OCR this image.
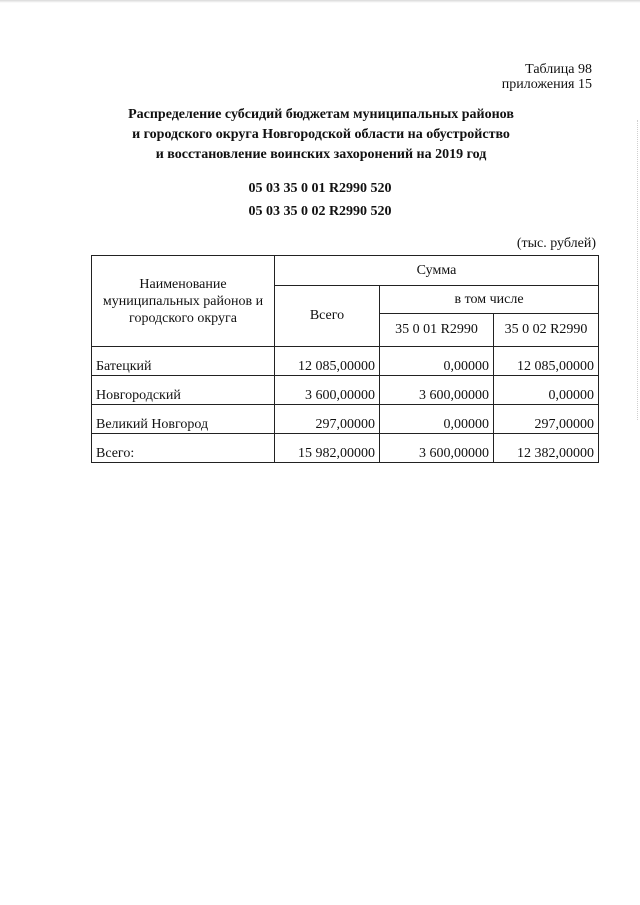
Таблица 98
приложения 15
Распределение субсидий бюджетам муниципальных районов
и городского округа Новгородской области на обустройство
и восстановление воинских захоронений на 2019 год
05 03 35 0 01 R2990 520
05 03 35 0 02 R2990 520
(тыс. рублей)
Наименование муниципальных районов и городского округа	Сумма		
	Всего	в том числе	
		35 0 01 R2990	35 0 02 R2990
Батецкий	12 085,00000	0,00000	12 085,00000
Новгородский	3 600,00000	3 600,00000	0,00000
Великий Новгород	297,00000	0,00000	297,00000
Всего:	15 982,00000	3 600,00000	12 382,00000
